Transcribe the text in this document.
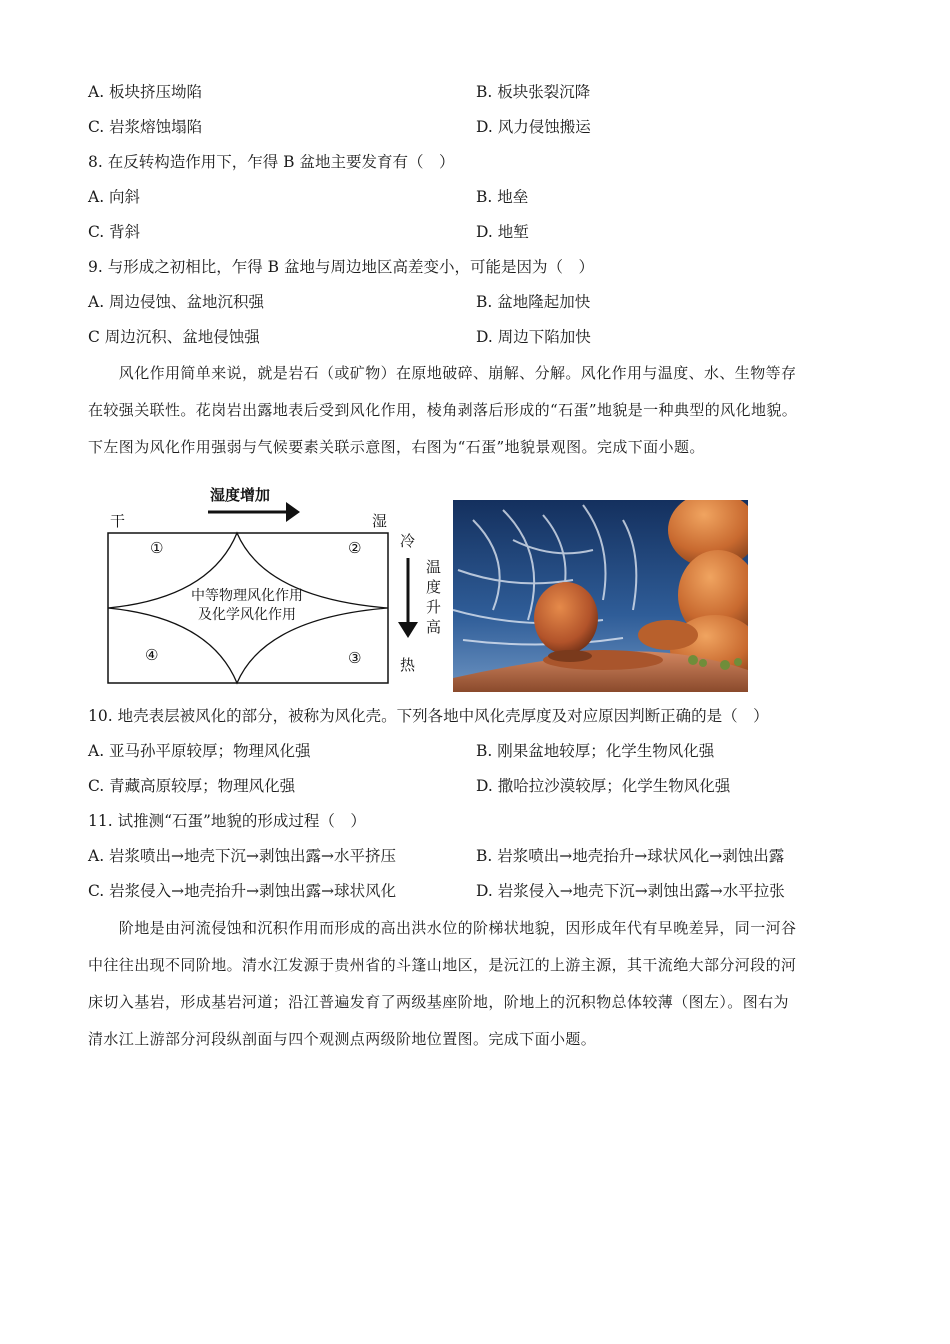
A. 板块挤压坳陷	B. 板块张裂沉降
C. 岩浆熔蚀塌陷	D. 风力侵蚀搬运
8. 在反转构造作用下，乍得 B 盆地主要发育有（　）
A. 向斜	B. 地垒
C. 背斜	D. 地堑
9. 与形成之初相比，乍得 B 盆地与周边地区高差变小，可能是因为（　）
A. 周边侵蚀、盆地沉积强	B. 盆地隆起加快
C 周边沉积、盆地侵蚀强	D. 周边下陷加快
　　风化作用简单来说，就是岩石（或矿物）在原地破碎、崩解、分解。风化作用与温度、水、生物等存
在较强关联性。花岗岩出露地表后受到风化作用，棱角剥落后形成的“石蛋”地貌是一种典型的风化地貌。
下左图为风化作用强弱与气候要素关联示意图，右图为“石蛋”地貌景观图。完成下面小题。
湿度增加
干	湿
①	②
③
④
中等物理风化作用
及化学风化作用
冷
温
度
升
高
热
10. 地壳表层被风化的部分，被称为风化壳。下列各地中风化壳厚度及对应原因判断正确的是（　）
A. 亚马孙平原较厚；物理风化强	B. 刚果盆地较厚；化学生物风化强
C. 青藏高原较厚；物理风化强	D. 撒哈拉沙漠较厚；化学生物风化强
11. 试推测“石蛋”地貌的形成过程（　）
A. 岩浆喷出→地壳下沉→剥蚀出露→水平挤压	B. 岩浆喷出→地壳抬升→球状风化→剥蚀出露
C. 岩浆侵入→地壳抬升→剥蚀出露→球状风化	D. 岩浆侵入→地壳下沉→剥蚀出露→水平拉张
　　阶地是由河流侵蚀和沉积作用而形成的高出洪水位的阶梯状地貌，因形成年代有早晚差异，同一河谷
中往往出现不同阶地。清水江发源于贵州省的斗篷山地区，是沅江的上游主源，其干流绝大部分河段的河
床切入基岩，形成基岩河道；沿江普遍发育了两级基座阶地，阶地上的沉积物总体较薄（图左）。图右为
清水江上游部分河段纵剖面与四个观测点两级阶地位置图。完成下面小题。
